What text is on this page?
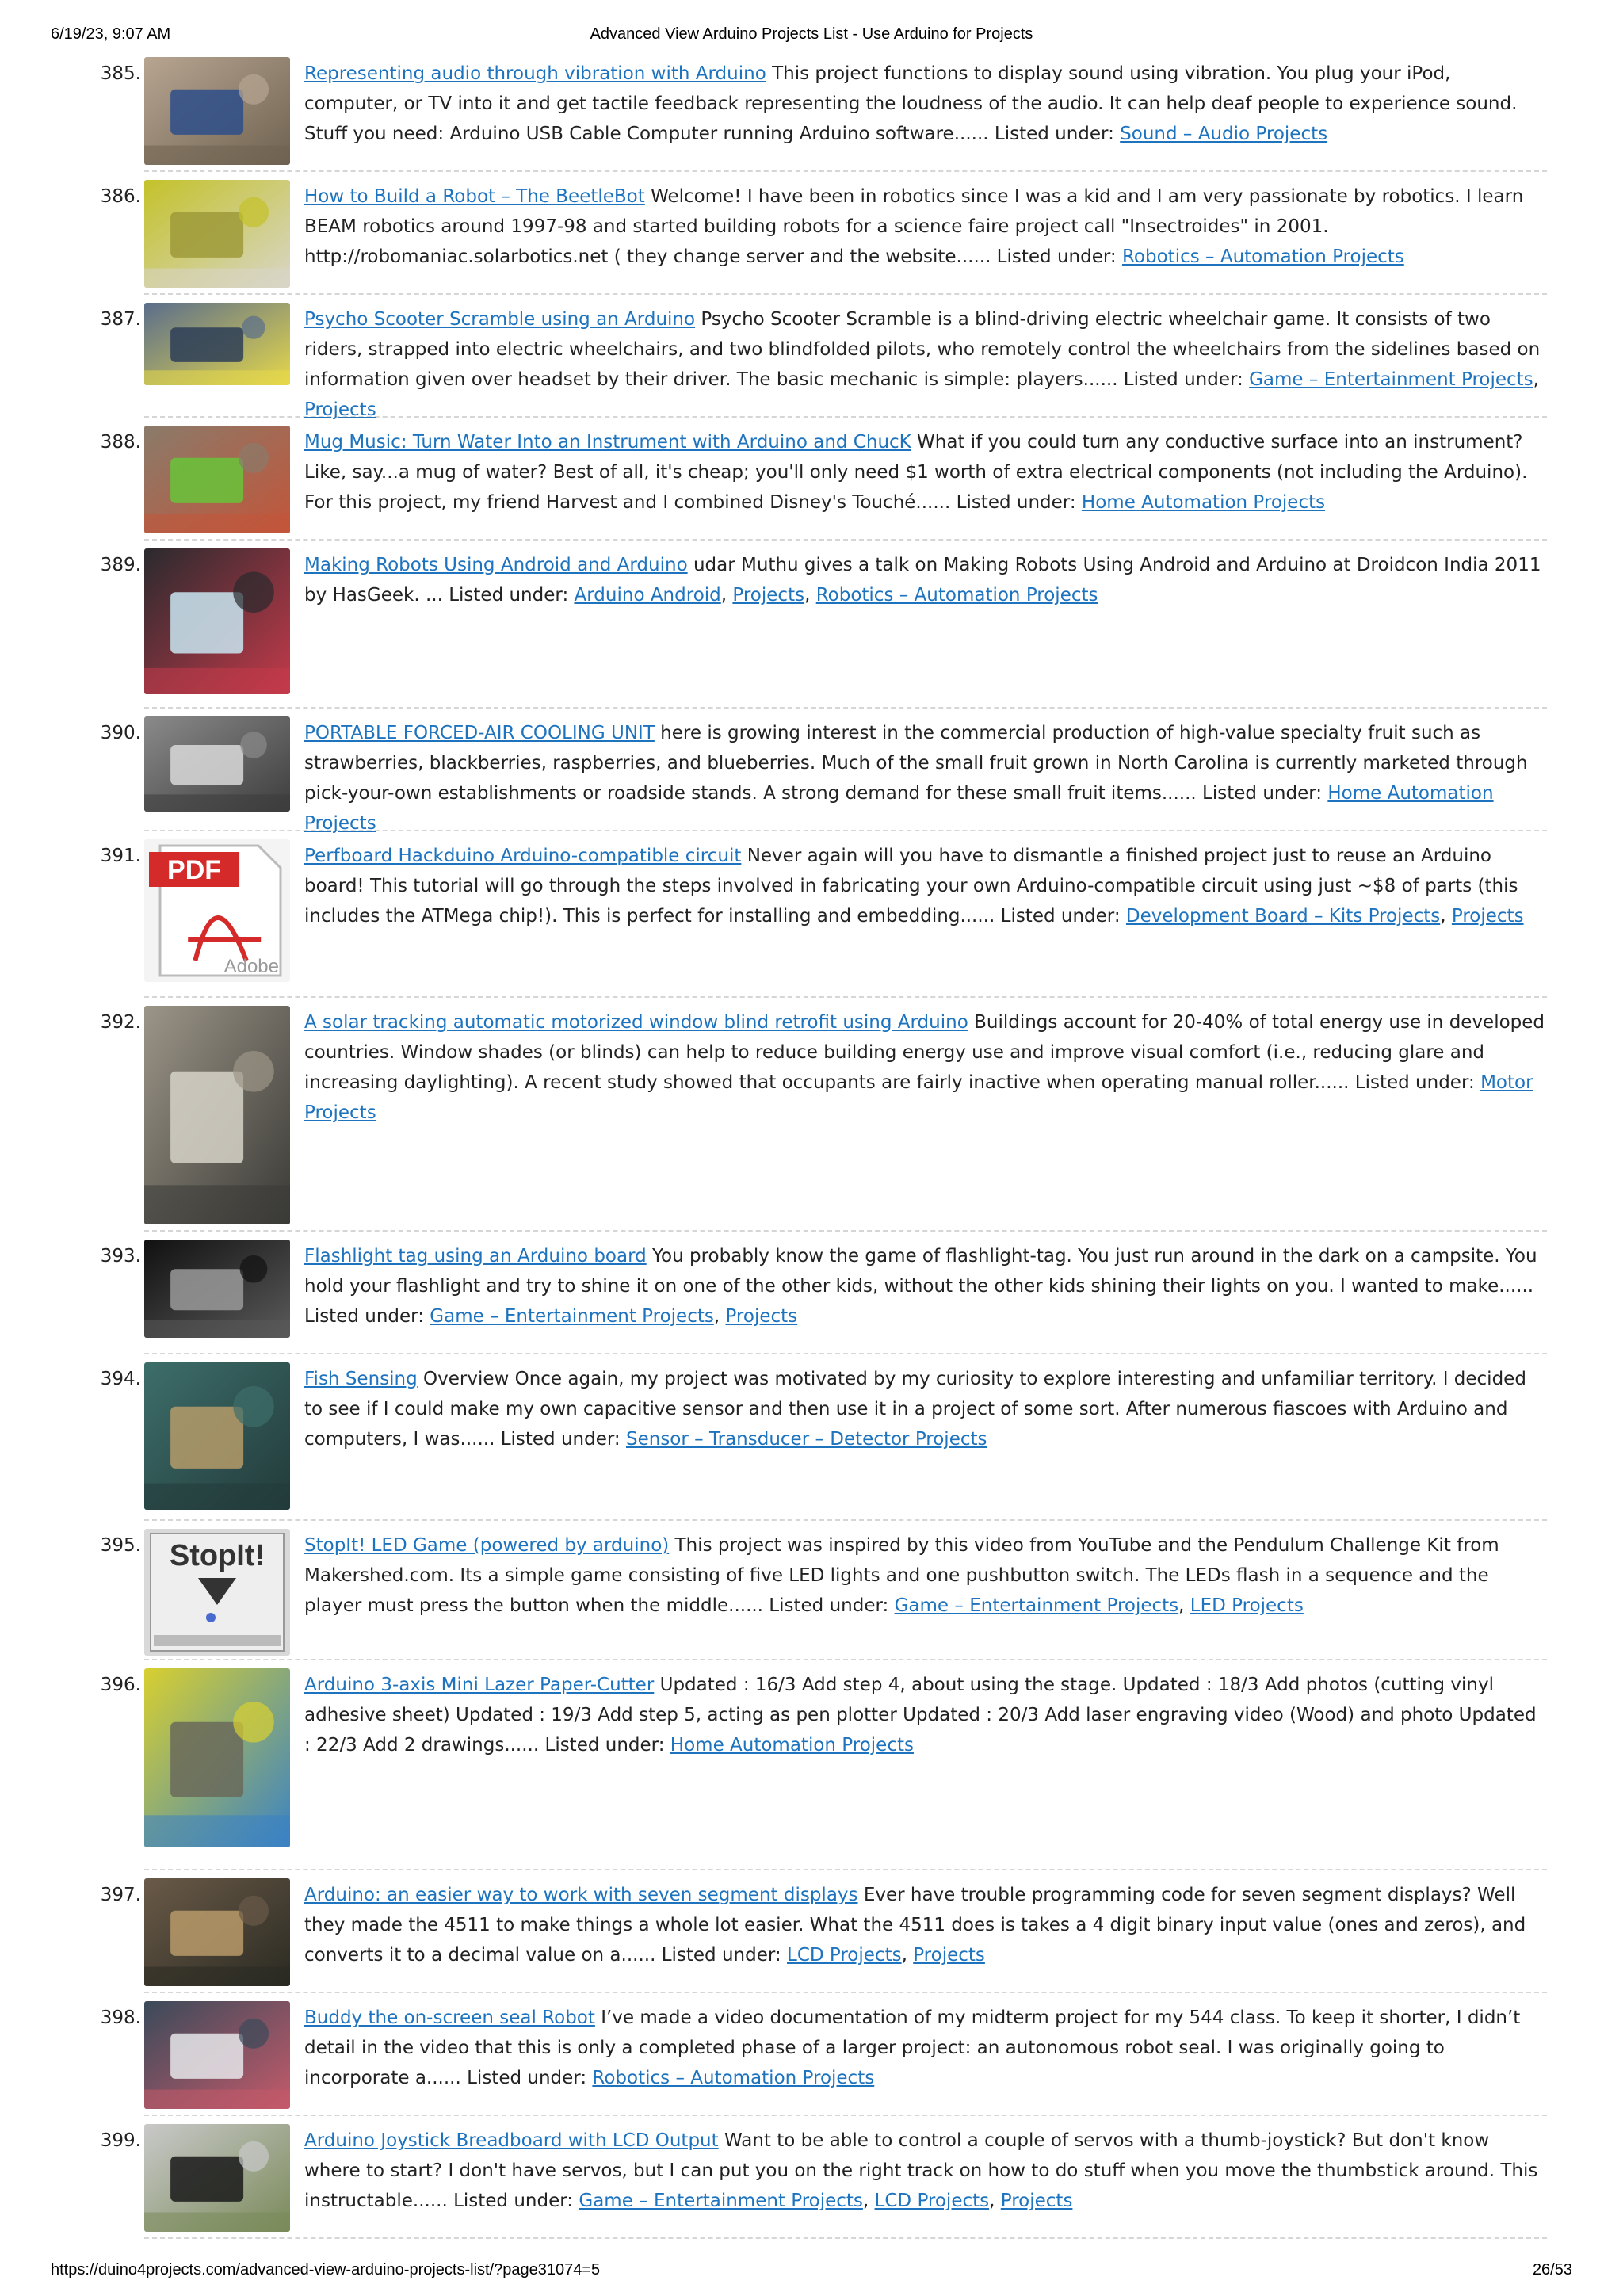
6/19/23, 9:07 AM	Advanced View Arduino Projects List - Use Arduino for Projects
385.	Representing audio through vibration with Arduino This project functions to display sound using vibration. You plug your iPod, computer, or TV into it and get tactile feedback representing the loudness of the audio. It can help deaf people to experience sound. Stuff you need: Arduino USB Cable Computer running Arduino software...... Listed under: Sound – Audio Projects
386.	How to Build a Robot – The BeetleBot Welcome! I have been in robotics since I was a kid and I am very passionate by robotics. I learn BEAM robotics around 1997-98 and started building robots for a science faire project call "Insectroides" in 2001. http://robomaniac.solarbotics.net ( they change server and the website...... Listed under: Robotics – Automation Projects
387.	Psycho Scooter Scramble using an Arduino Psycho Scooter Scramble is a blind-driving electric wheelchair game. It consists of two riders, strapped into electric wheelchairs, and two blindfolded pilots, who remotely control the wheelchairs from the sidelines based on information given over headset by their driver. The basic mechanic is simple: players...... Listed under: Game – Entertainment Projects, Projects
388.	Mug Music: Turn Water Into an Instrument with Arduino and ChucK What if you could turn any conductive surface into an instrument? Like, say...a mug of water? Best of all, it's cheap; you'll only need $1 worth of extra electrical components (not including the Arduino). For this project, my friend Harvest and I combined Disney's Touché...... Listed under: Home Automation Projects
389.	Making Robots Using Android and Arduino udar Muthu gives a talk on Making Robots Using Android and Arduino at Droidcon India 2011 by HasGeek. ... Listed under: Arduino Android, Projects, Robotics – Automation Projects
390.	PORTABLE FORCED-AIR COOLING UNIT here is growing interest in the commercial production of high-value specialty fruit such as strawberries, blackberries, raspberries, and blueberries. Much of the small fruit grown in North Carolina is currently marketed through pick-your-own establishments or roadside stands. A strong demand for these small fruit items...... Listed under: Home Automation Projects
391. PDF
Adobe
Perfboard Hackduino Arduino-compatible circuit Never again will you have to dismantle a finished project just to reuse an Arduino board! This tutorial will go through the steps involved in fabricating your own Arduino-compatible circuit using just ~$8 of parts (this includes the ATMega chip!). This is perfect for installing and embedding...... Listed under: Development Board – Kits Projects, Projects
392.	A solar tracking automatic motorized window blind retrofit using Arduino Buildings account for 20-40% of total energy use in developed countries. Window shades (or blinds) can help to reduce building energy use and improve visual comfort (i.e., reducing glare and increasing daylighting). A recent study showed that occupants are fairly inactive when operating manual roller...... Listed under: Motor Projects
393.	Flashlight tag using an Arduino board You probably know the game of flashlight-tag. You just run around in the dark on a campsite. You hold your flashlight and try to shine it on one of the other kids, without the other kids shining their lights on you. I wanted to make...... Listed under: Game – Entertainment Projects, Projects
394.	Fish Sensing Overview Once again, my project was motivated by my curiosity to explore interesting and unfamiliar territory. I decided to see if I could make my own capacitive sensor and then use it in a project of some sort. After numerous fiascoes with Arduino and computers, I was...... Listed under: Sensor – Transducer – Detector Projects
395. StopIt! StopIt! LED Game (powered by arduino) This project was inspired by this video from YouTube and the Pendulum Challenge Kit from Makershed.com. Its a simple game consisting of five LED lights and one pushbutton switch. The LEDs flash in a sequence and the player must press the button when the middle...... Listed under: Game – Entertainment Projects, LED Projects
396.	Arduino 3-axis Mini Lazer Paper-Cutter Updated : 16/3 Add step 4, about using the stage. Updated : 18/3 Add photos (cutting vinyl adhesive sheet) Updated : 19/3 Add step 5, acting as pen plotter Updated : 20/3 Add laser engraving video (Wood) and photo Updated : 22/3 Add 2 drawings...... Listed under: Home Automation Projects
397.	Arduino: an easier way to work with seven segment displays Ever have trouble programming code for seven segment displays? Well they made the 4511 to make things a whole lot easier. What the 4511 does is takes a 4 digit binary input value (ones and zeros), and converts it to a decimal value on a...... Listed under: LCD Projects, Projects
398.	Buddy the on-screen seal Robot I’ve made a video documentation of my midterm project for my 544 class. To keep it shorter, I didn’t detail in the video that this is only a completed phase of a larger project: an autonomous robot seal. I was originally going to incorporate a...... Listed under: Robotics – Automation Projects
399.	Arduino Joystick Breadboard with LCD Output Want to be able to control a couple of servos with a thumb-joystick? But don't know where to start? I don't have servos, but I can put you on the right track on how to do stuff when you move the thumbstick around. This instructable...... Listed under: Game – Entertainment Projects, LCD Projects, Projects
https://duino4projects.com/advanced-view-arduino-projects-list/?page31074=5	26/53
